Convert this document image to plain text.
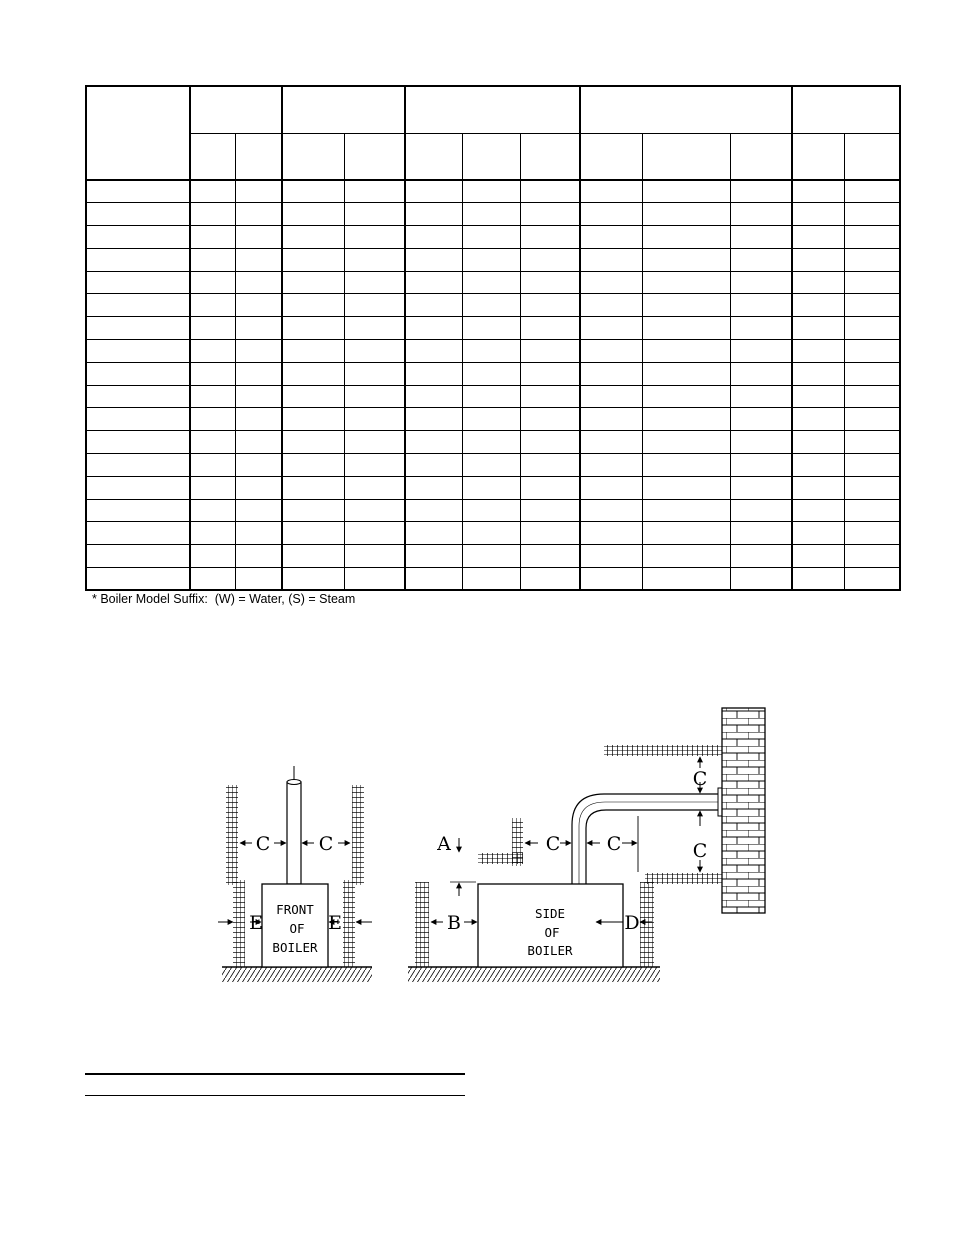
* Boiler Model Suffix:  (W) = Water, (S) = Steam
FRONT
OF
BOILER
C	C
E	E	SIDE
OF
BOILER
A
B	D
C C
C
C
